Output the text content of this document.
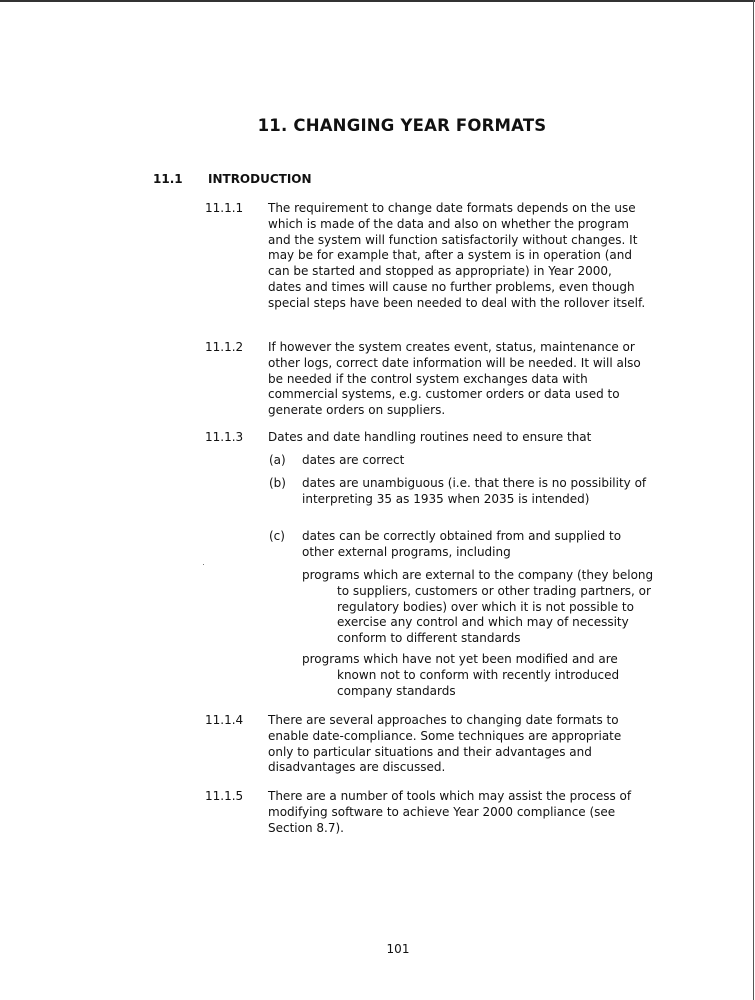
11. CHANGING YEAR FORMATS
11.1 INTRODUCTION
11.1.1 The requirement to change date formats depends on the use which is made of the data and also on whether the program and the system will function satisfactorily without changes. It may be for example that, after a system is in operation (and can be started and stopped as appropriate) in Year 2000, dates and times will cause no further problems, even though special steps have been needed to deal with the rollover itself.
11.1.2 If however the system creates event, status, maintenance or other logs, correct date information will be needed. It will also be needed if the control system exchanges data with commercial systems, e.g. customer orders or data used to generate orders on suppliers.
11.1.3 Dates and date handling routines need to ensure that
(a) dates are correct
(b) dates are unambiguous (i.e. that there is no possibility of interpreting 35 as 1935 when 2035 is intended)
(c) dates can be correctly obtained from and supplied to other external programs, including
programs which are external to the company (they belong to suppliers, customers or other trading partners, or regulatory bodies) over which it is not possible to exercise any control and which may of necessity conform to different standards
programs which have not yet been modified and are known not to conform with recently introduced company standards
11.1.4 There are several approaches to changing date formats to enable date-compliance. Some techniques are appropriate only to particular situations and their advantages and disadvantages are discussed.
11.1.5 There are a number of tools which may assist the process of modifying software to achieve Year 2000 compliance (see Section 8.7).
101
